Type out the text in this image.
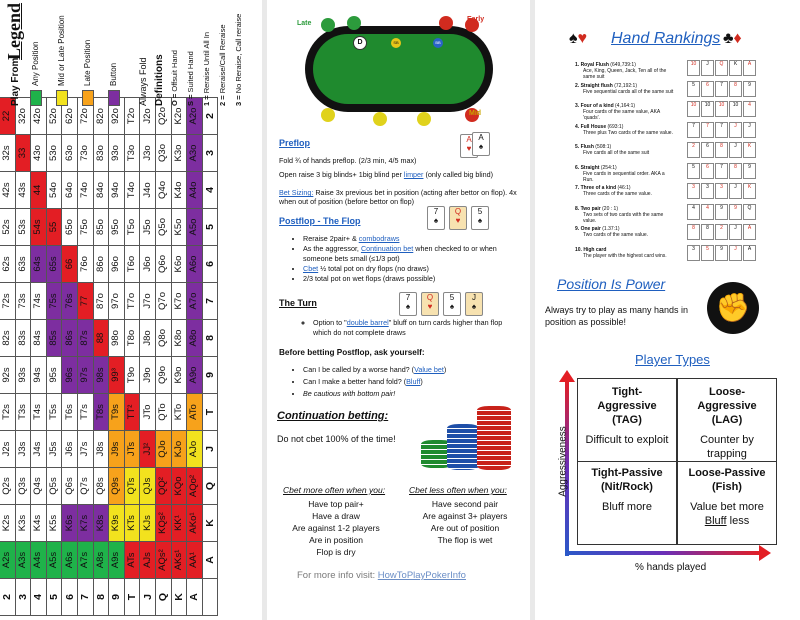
2	A2s	K2s	Q2s	J2s	T2s	92s	82s	72s	62s	52s	42s	32s	22
3	A3s	K3s	Q3s	J3s	T3s	93s	83s	73s	63s	53s	43s	33	32o
4	A4s	K4s	Q4s	J4s	T4s	94s	84s	74s	64s	54s	44	43o	42o
5	A5s	K5s	Q5s	J5s	T5s	95s	85s	75s	65s	55	54o	53o	52o
6	A6s	K6s	Q6s	J6s	T6s	96s	86s	76s	66	65o	64o	63o	62o
7	A7s	K7s	Q7s	J7s	T7s	97s	87s	77	76o	75o	74o	73o	72o
8	A8s	K8s	Q8s	J8s	T8s	98s	88	87o	86o	85o	84o	83o	82o
9	A9s	K9s	Q9s	J9s	T9s	99³	98o	97o	96o	95o	94o	93o	92o
T	ATs	KTs	QTs	JTs	TT²	T9o	T8o	T7o	T6o	T5o	T4o	T3o	T2o
J	AJs	KJs	QJs	JJ²	JTo	J9o	J8o	J7o	J6o	J5o	J4o	J3o	J2o
Q	AQs²	KQs²	QQ²	QJo	QTo	Q9o	Q8o	Q7o	Q6o	Q5o	Q4o	Q3o	Q2o
K	AKs¹	KK¹	KQo	KJo	KTo	K9o	K8o	K7o	K6o	K5o	K4o	K3o	K2o
A	AA¹	AKo¹	AQo²	AJo	ATo	A9o	A8o	A7o	A6o	A5o	A4o	A3o	A2o
	A	K	Q	J	T	9	8	7	6	5	4	3	2
Legend
Play From Any Position	Mid or Late Position	Late Position	Button	Always Fold Definitions O = Offsuit Hand
S = Suited Hand
1 = Reraise Until All In
2 = Reraise/Call Reraise
3 = No Reraise, Call reraise	D	SB	BB
Late
Early
Mid
Preflop	A
♥
A
♠
Fold ¾ of hands preflop. (2/3 min, 4/5 max)
Open raise 3 big blinds+ 1big blind per limper (only called big blind)
Bet Sizing: Raise 3x previous bet in position (acting after bettor on flop). 4x when out of position (before bettor on flop)
Postflop - The Flop
7
♠
Q
♥
5
♠
• Reraise 2pair+ & combodraws
• As the aggressor, Continuation bet when checked to or when someone bets small (≤1/3 pot)
• Cbet ½ total pot on dry flops (no draws)
• 2/3 total pot on wet flops (draws possible)
The Turn
7
♠
Q
♥
5
♠
J
♠
◦ Option to "double barrel" bluff on turn cards higher than flop which do not complete draws
Before betting Postflop, ask yourself:
• Can I be called by a worse hand? (Value bet)
• Can I make a better hand fold? (Bluff)
• Be cautious with bottom pair!
Continuation betting:
Do not cbet 100% of the time!
Cbet more often when you:
Have top pair+
Have a draw
Are against 1-2 players
Are in position
Flop is dry
Cbet less often when you:
Have second pair
Are against 3+ players
Are out of position
The flop is wet
For more info visit: HowToPlayPokerInfo
♠♥ Hand Rankings ♣♦
1. Royal Flush (649,739:1)
Ace, King, Queen, Jack, Ten all of the same suit
10	J	Q	K	A
2. Straight flush (72,192:1)
Five sequential cards all of the same suit
5	6	7	8	9
3. Four of a kind (4,164:1)
Four cards of the same value, AKA 'quads'.
10	10	10	10	4
4. Full House (693:1)
Three plus Two cards of the same value.
7	7	7	J	J
5. Flush (508:1)
Five cards all of the same suit
2	6	8	J	K
6. Straight (254:1)
Five cards in sequential order. AKA a Run.
5	6	7	8	9
7. Three of a kind (46:1)
Three cards of the same value.
3	3	3	J	K
8. Two pair (20 : 1)
Two sets of two cards with the same value.
4	4	9	9	Q
9. One pair (1.37:1)
Two cards of the same value.
8	8	2	J	A
10. High card
The player with the highest card wins.
3	5	9	J	A
Position Is Power
Always try to play as many hands in position as possible!	✊
Player Types
Aggressiveness
% hands played
Tight-Aggressive (TAG)
Difficult to exploit
Loose-Aggressive (LAG)
Counter by trapping
Tight-Passive (Nit/Rock)
Bluff more
Loose-Passive (Fish)
Value bet more Bluff less
